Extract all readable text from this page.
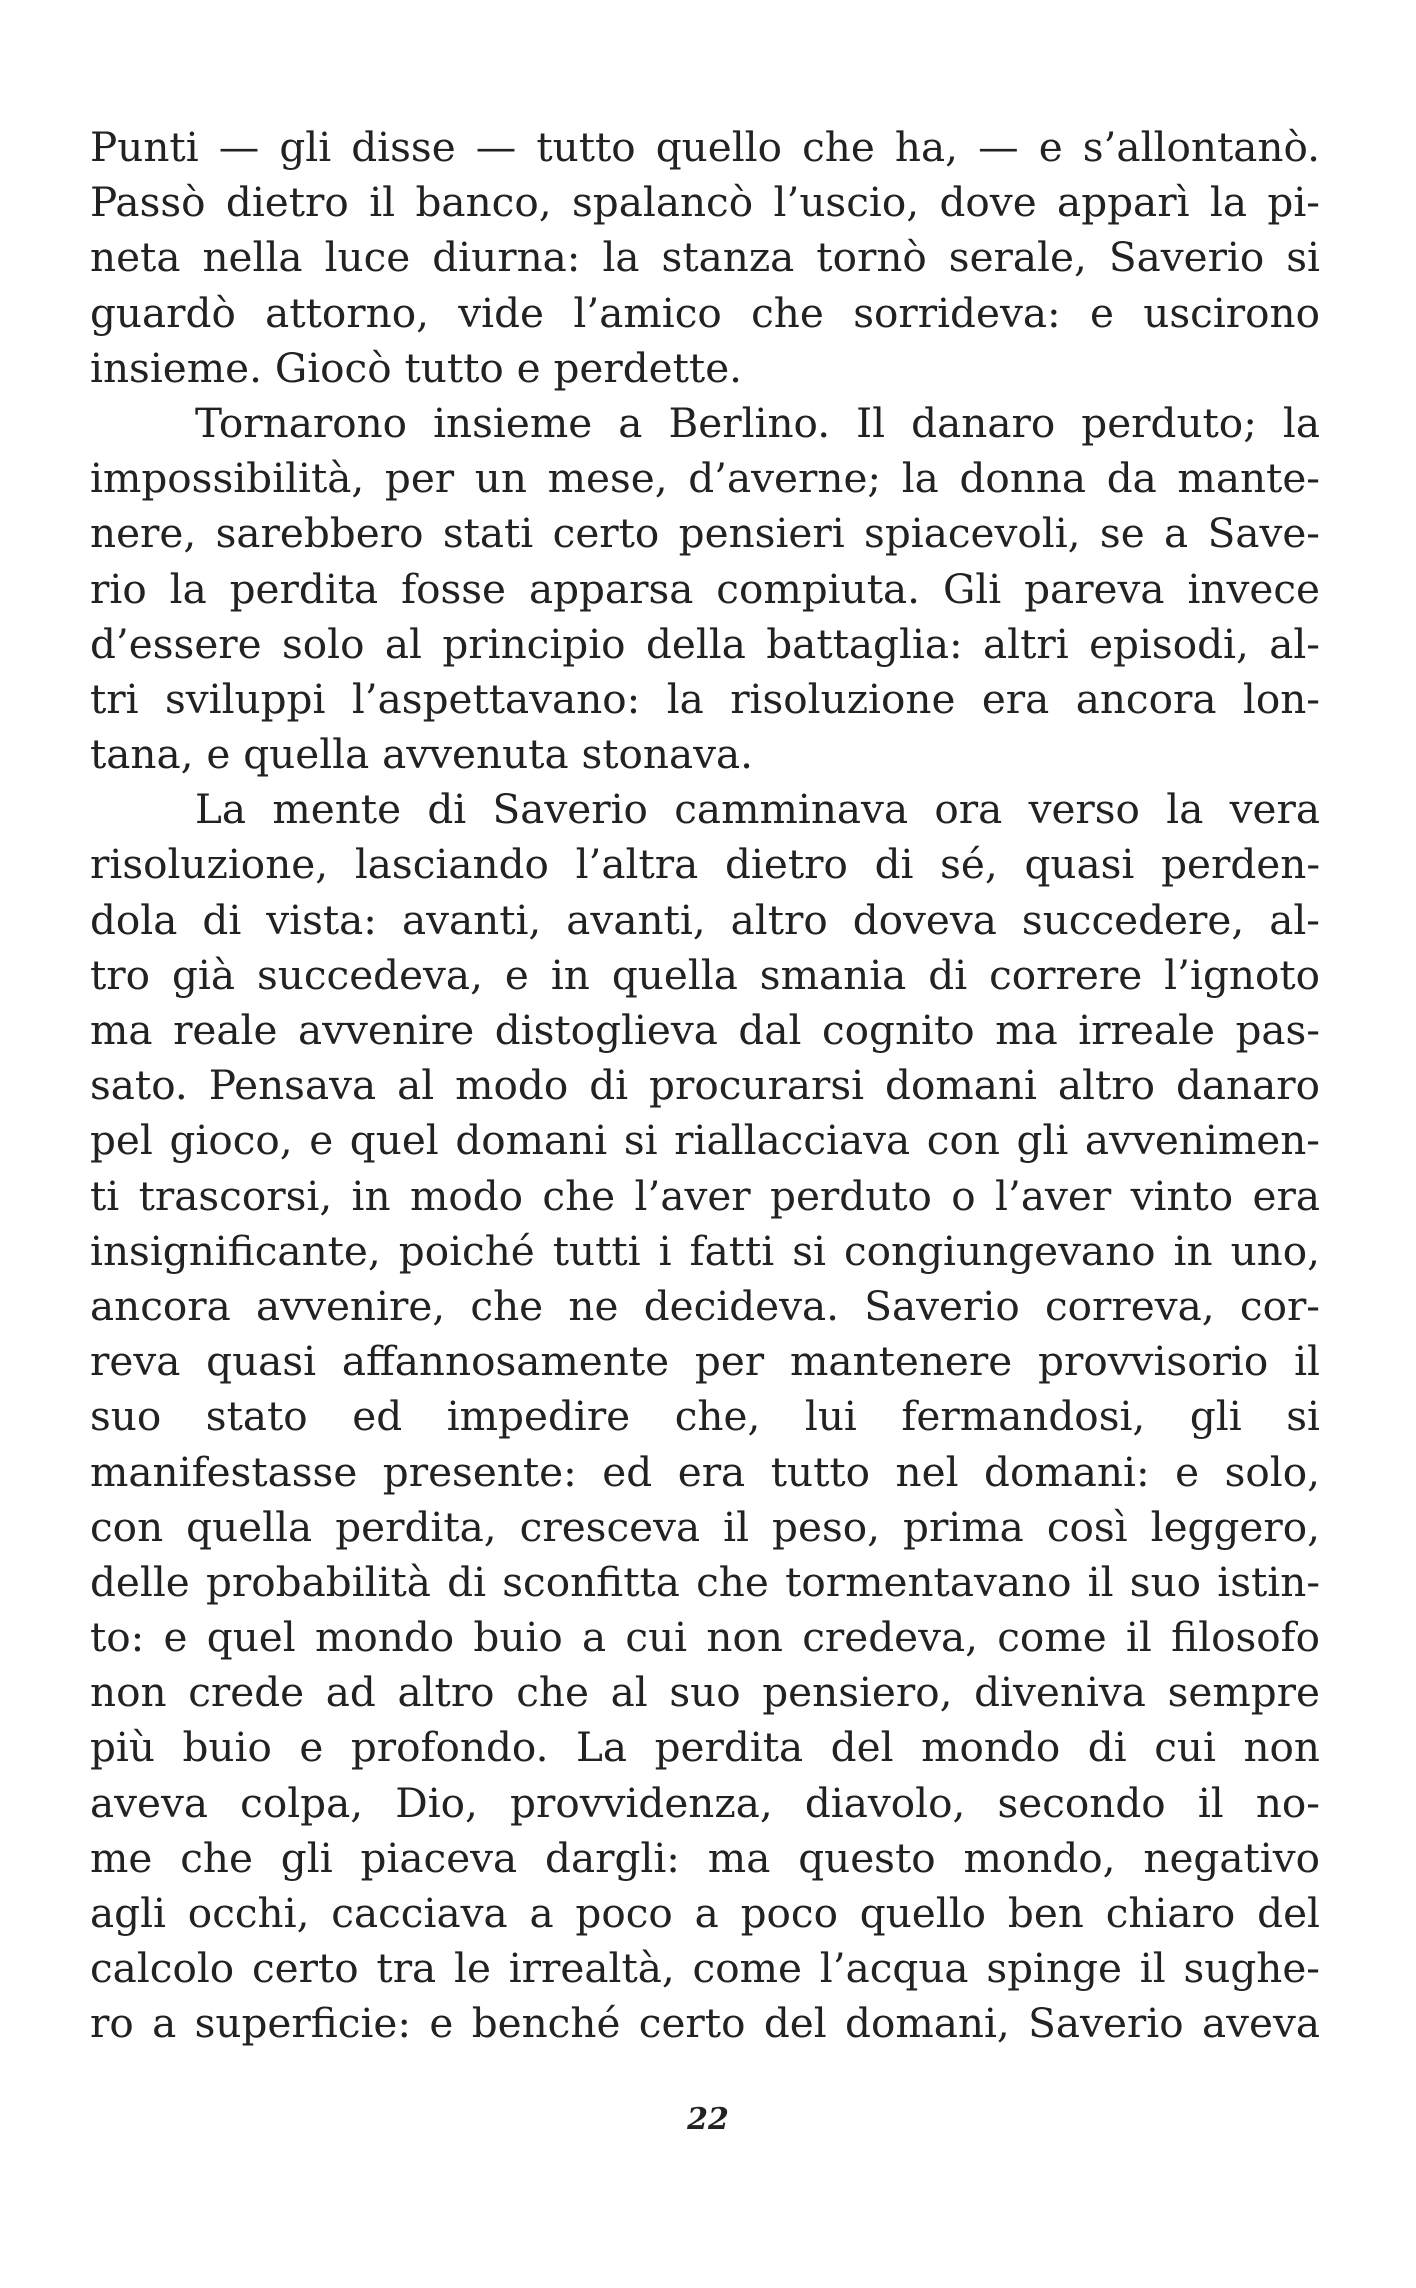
Punti — gli disse — tutto quello che ha, — e s’allontanò.
Passò dietro il banco, spalancò l’uscio, dove apparì la pi-
neta nella luce diurna: la stanza tornò serale, Saverio si
guardò attorno, vide l’amico che sorrideva: e uscirono
insieme. Giocò tutto e perdette.
Tornarono insieme a Berlino. Il danaro perduto; la
impossibilità, per un mese, d’averne; la donna da mante-
nere, sarebbero stati certo pensieri spiacevoli, se a Save-
rio la perdita fosse apparsa compiuta. Gli pareva invece
d’essere solo al principio della battaglia: altri episodi, al-
tri sviluppi l’aspettavano: la risoluzione era ancora lon-
tana, e quella avvenuta stonava.
La mente di Saverio camminava ora verso la vera
risoluzione, lasciando l’altra dietro di sé, quasi perden-
dola di vista: avanti, avanti, altro doveva succedere, al-
tro già succedeva, e in quella smania di correre l’ignoto
ma reale avvenire distoglieva dal cognito ma irreale pas-
sato. Pensava al modo di procurarsi domani altro danaro
pel gioco, e quel domani si riallacciava con gli avvenimen-
ti trascorsi, in modo che l’aver perduto o l’aver vinto era
insignificante, poiché tutti i fatti si congiungevano in uno,
ancora avvenire, che ne decideva. Saverio correva, cor-
reva quasi affannosamente per mantenere provvisorio il
suo stato ed impedire che, lui fermandosi, gli si
manifestasse presente: ed era tutto nel domani: e solo,
con quella perdita, cresceva il peso, prima così leggero,
delle probabilità di sconfitta che tormentavano il suo istin-
to: e quel mondo buio a cui non credeva, come il filosofo
non crede ad altro che al suo pensiero, diveniva sempre
più buio e profondo. La perdita del mondo di cui non
aveva colpa, Dio, provvidenza, diavolo, secondo il no-
me che gli piaceva dargli: ma questo mondo, negativo
agli occhi, cacciava a poco a poco quello ben chiaro del
calcolo certo tra le irrealtà, come l’acqua spinge il sughe-
ro a superficie: e benché certo del domani, Saverio aveva
22
